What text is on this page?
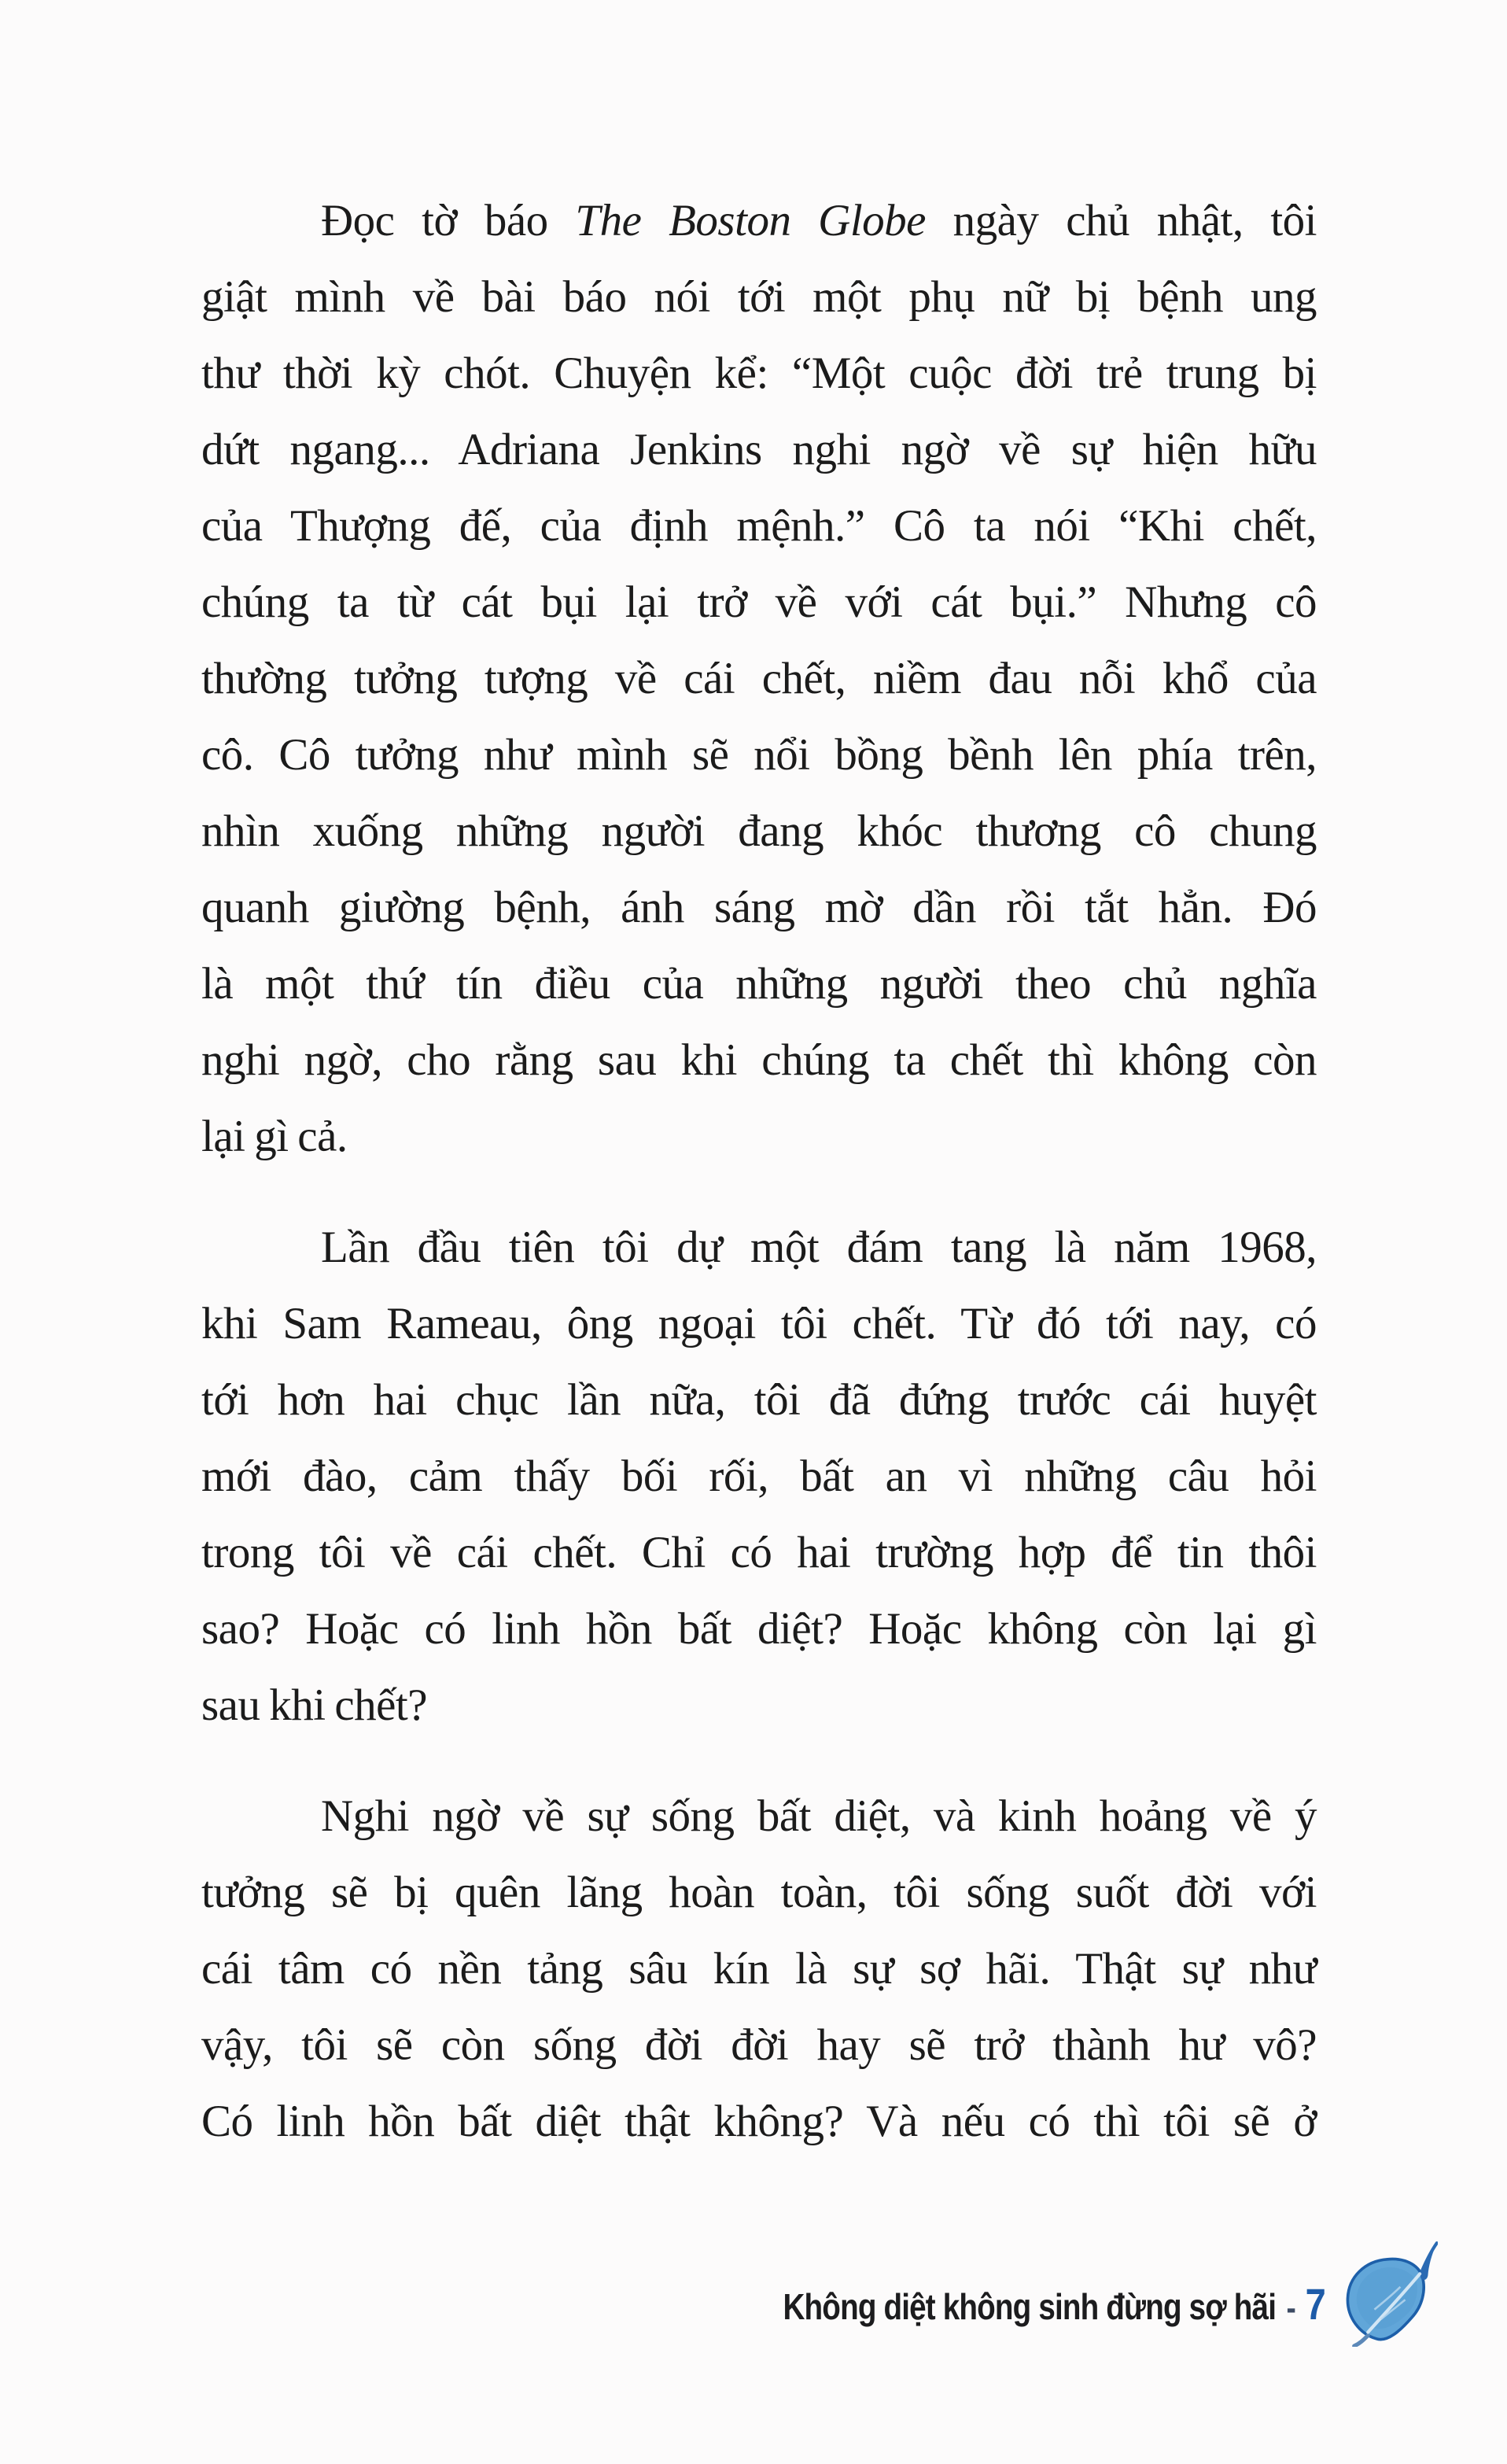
Đọc tờ báo The Boston Globe ngày chủ nhật, tôi
giật mình về bài báo nói tới một phụ nữ bị bệnh ung
thư thời kỳ chót. Chuyện kể: “Một cuộc đời trẻ trung bị
dứt ngang... Adriana Jenkins nghi ngờ về sự hiện hữu
của Thượng đế, của định mệnh.” Cô ta nói “Khi chết,
chúng ta từ cát bụi lại trở về với cát bụi.” Nhưng cô
thường tưởng tượng về cái chết, niềm đau nỗi khổ của
cô. Cô tưởng như mình sẽ nổi bồng bềnh lên phía trên,
nhìn xuống những người đang khóc thương cô chung
quanh giường bệnh, ánh sáng mờ dần rồi tắt hẳn. Đó
là một thứ tín điều của những người theo chủ nghĩa
nghi ngờ, cho rằng sau khi chúng ta chết thì không còn
lại gì cả.
Lần đầu tiên tôi dự một đám tang là năm 1968,
khi Sam Rameau, ông ngoại tôi chết. Từ đó tới nay, có
tới hơn hai chục lần nữa, tôi đã đứng trước cái huyệt
mới đào, cảm thấy bối rối, bất an vì những câu hỏi
trong tôi về cái chết. Chỉ có hai trường hợp để tin thôi
sao? Hoặc có linh hồn bất diệt? Hoặc không còn lại gì
sau khi chết?
Nghi ngờ về sự sống bất diệt, và kinh hoảng về ý
tưởng sẽ bị quên lãng hoàn toàn, tôi sống suốt đời với
cái tâm có nền tảng sâu kín là sự sợ hãi. Thật sự như
vậy, tôi sẽ còn sống đời đời hay sẽ trở thành hư vô?
Có linh hồn bất diệt thật không? Và nếu có thì tôi sẽ ở
Không diệt không sinh đừng sợ hãi - 7
